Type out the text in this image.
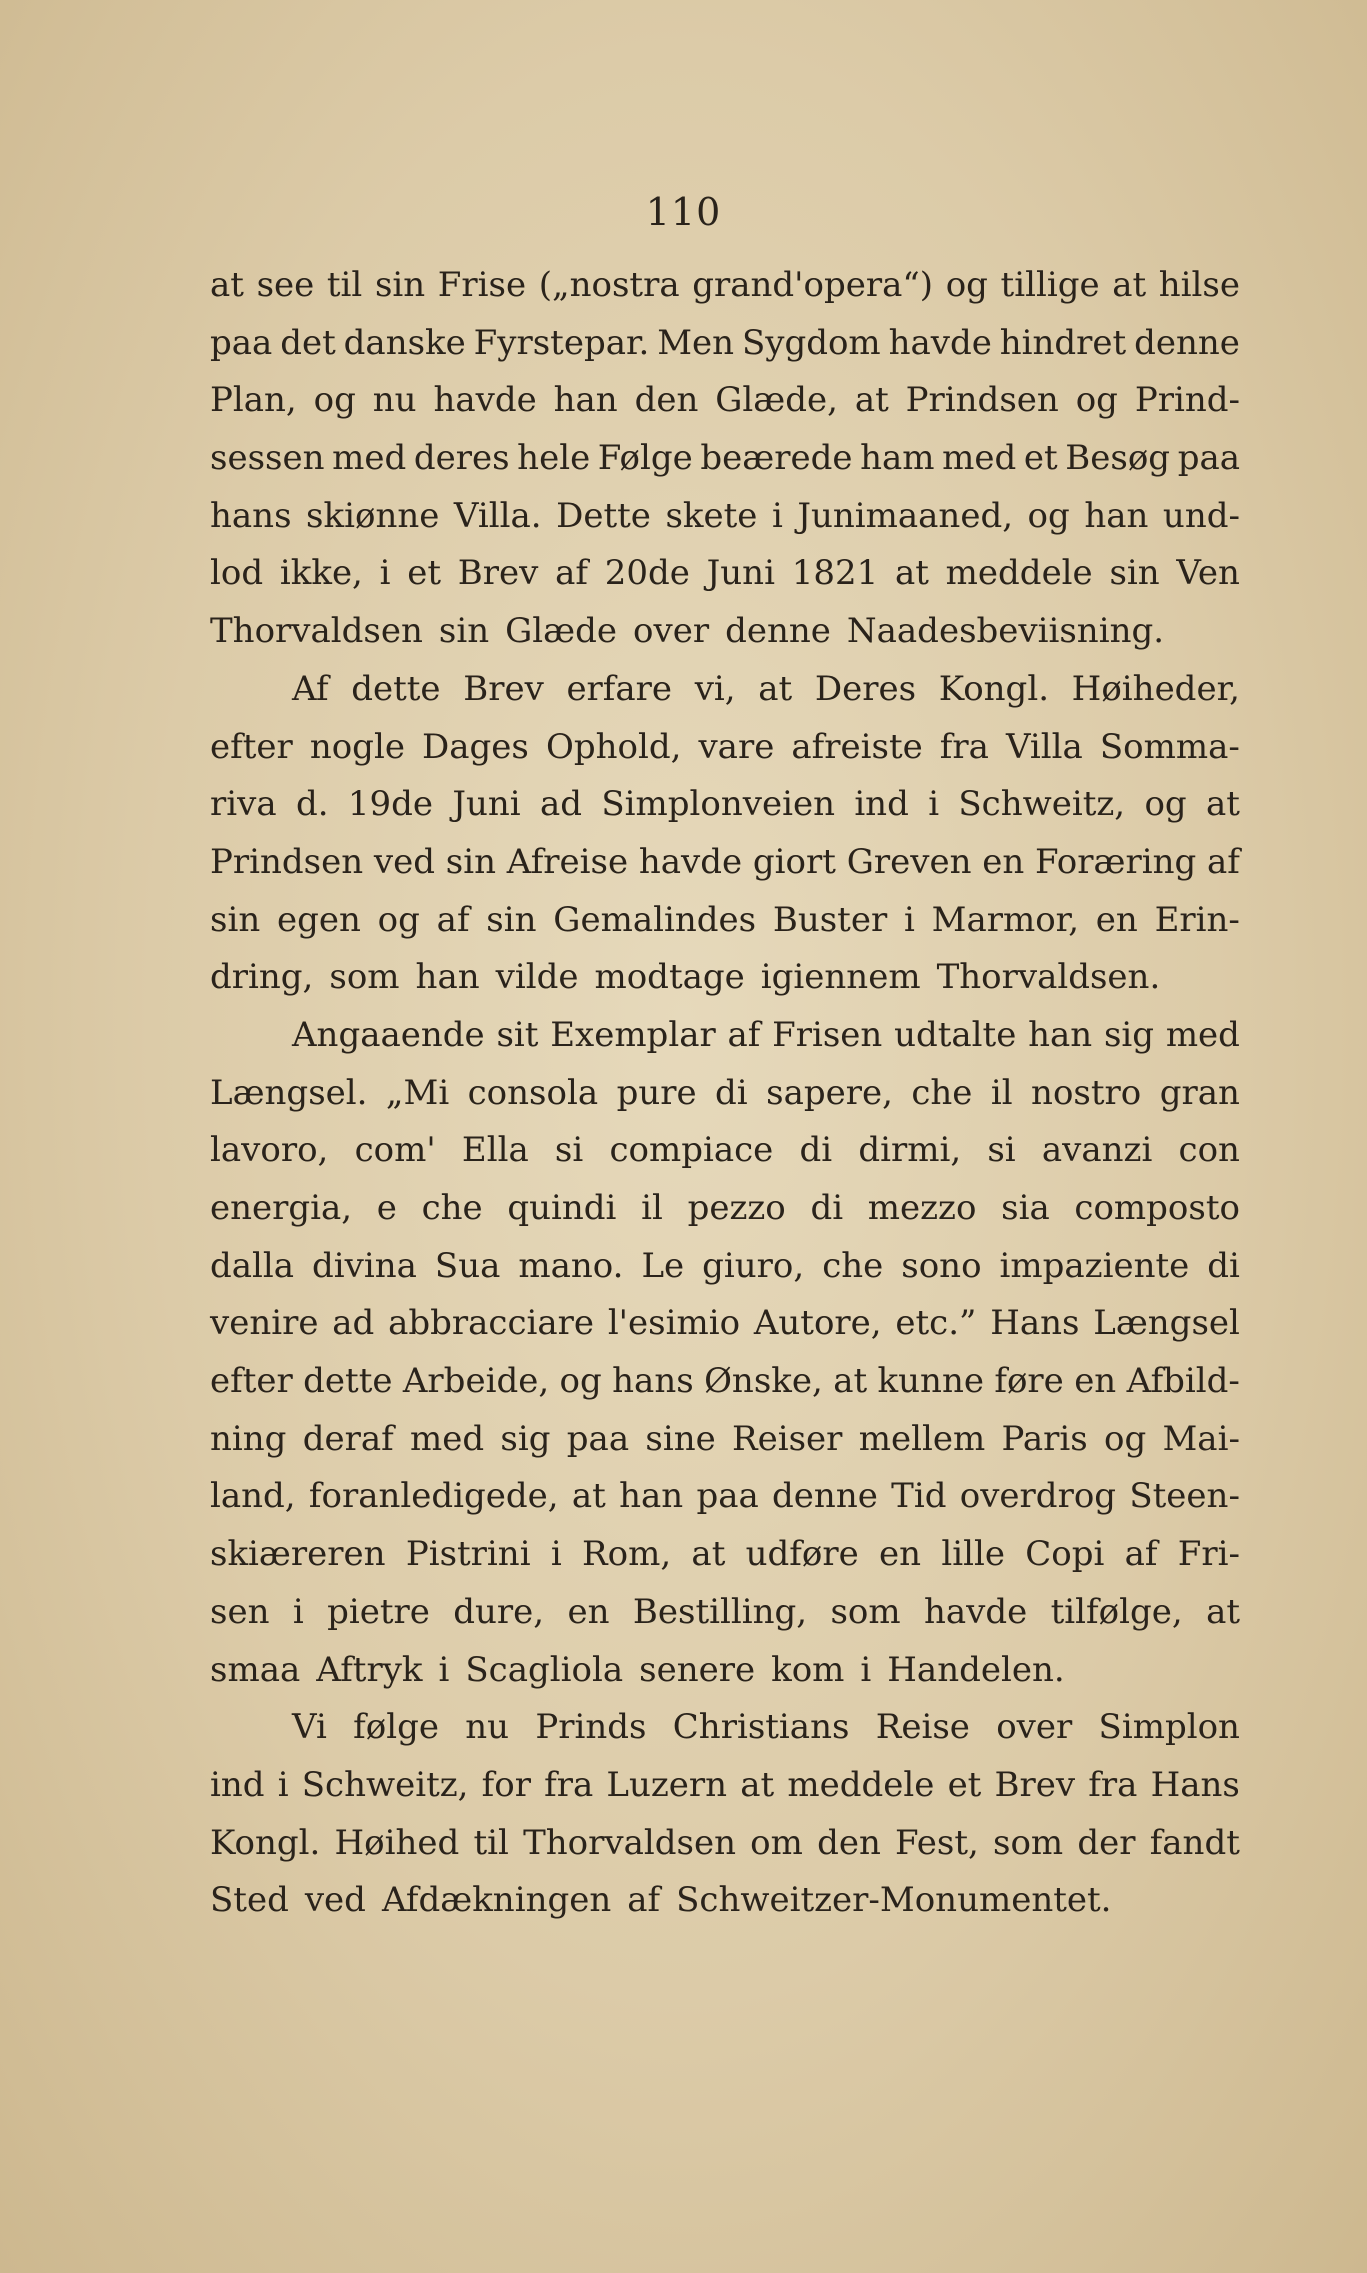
110
at see til sin Frise („nostra grand'opera“) og tillige at hilse
paa det danske Fyrstepar. Men Sygdom havde hindret denne
Plan, og nu havde han den Glæde, at Prindsen og Prind-
sessen med deres hele Følge beærede ham med et Besøg paa
hans skiønne Villa. Dette skete i Junimaaned, og han und-
lod ikke, i et Brev af 20de Juni 1821 at meddele sin Ven
Thorvaldsen sin Glæde over denne Naadesbeviisning.
Af dette Brev erfare vi, at Deres Kongl. Høiheder,
efter nogle Dages Ophold, vare afreiste fra Villa Somma-
riva d. 19de Juni ad Simplonveien ind i Schweitz, og at
Prindsen ved sin Afreise havde giort Greven en Foræring af
sin egen og af sin Gemalindes Buster i Marmor, en Erin-
dring, som han vilde modtage igiennem Thorvaldsen.
Angaaende sit Exemplar af Frisen udtalte han sig med
Længsel. „Mi consola pure di sapere, che il nostro gran
lavoro, com' Ella si compiace di dirmi, si avanzi con
energia, e che quindi il pezzo di mezzo sia composto
dalla divina Sua mano. Le giuro, che sono impaziente di
venire ad abbracciare l'esimio Autore, etc.” Hans Længsel
efter dette Arbeide, og hans Ønske, at kunne føre en Afbild-
ning deraf med sig paa sine Reiser mellem Paris og Mai-
land, foranledigede, at han paa denne Tid overdrog Steen-
skiæreren Pistrini i Rom, at udføre en lille Copi af Fri-
sen i pietre dure, en Bestilling, som havde tilfølge, at
smaa Aftryk i Scagliola senere kom i Handelen.
Vi følge nu Prinds Christians Reise over Simplon
ind i Schweitz, for fra Luzern at meddele et Brev fra Hans
Kongl. Høihed til Thorvaldsen om den Fest, som der fandt
Sted ved Afdækningen af Schweitzer-Monumentet.
